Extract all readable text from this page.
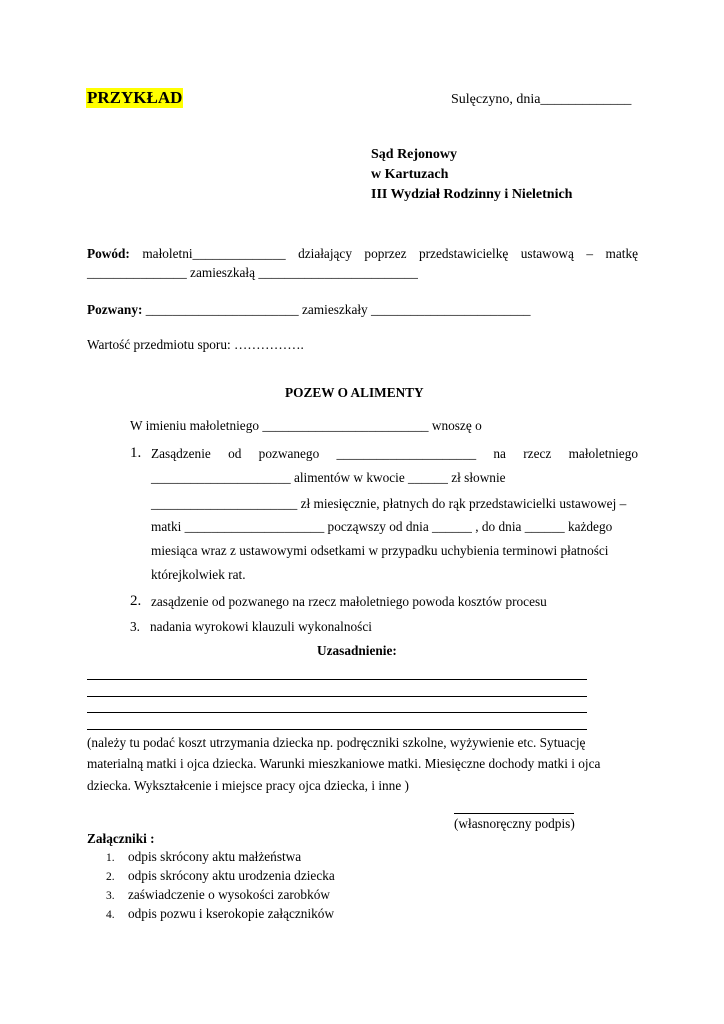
PRZYKŁAD	Sulęczyno, dnia_____________
Sąd Rejonowy
w Kartuzach
III Wydział Rodzinny i Nieletnich
Powód: małoletni______________ działający poprzez przedstawicielkę ustawową – matkę
_______________ zamieszkałą ________________________
Pozwany: _______________________ zamieszkały ________________________
Wartość przedmiotu sporu: …………….
POZEW O ALIMENTY
W imieniu małoletniego _________________________ wnoszę o
1. Zasądzenie od pozwanego _____________________ na rzecz małoletniego
_____________________ alimentów w kwocie ______ zł słownie
______________________ zł miesięcznie, płatnych do rąk przedstawicielki ustawowej –
matki _____________________ począwszy od dnia ______ , do dnia ______ każdego
miesiąca wraz z ustawowymi odsetkami w przypadku uchybienia terminowi płatności
którejkolwiek rat.
2. zasądzenie od pozwanego na rzecz małoletniego powoda kosztów procesu
3. nadania wyrokowi klauzuli wykonalności
Uzasadnienie:
(należy tu podać koszt utrzymania dziecka np. podręczniki szkolne, wyżywienie etc. Sytuację
materialną matki i ojca dziecka. Warunki mieszkaniowe matki. Miesięczne dochody matki i ojca
dziecka. Wykształcenie i miejsce pracy ojca dziecka, i inne )
(własnoręczny podpis)
Załączniki :
1. odpis skrócony aktu małżeństwa
2. odpis skrócony aktu urodzenia dziecka
3. zaświadczenie o wysokości zarobków
4. odpis pozwu i kserokopie załączników
